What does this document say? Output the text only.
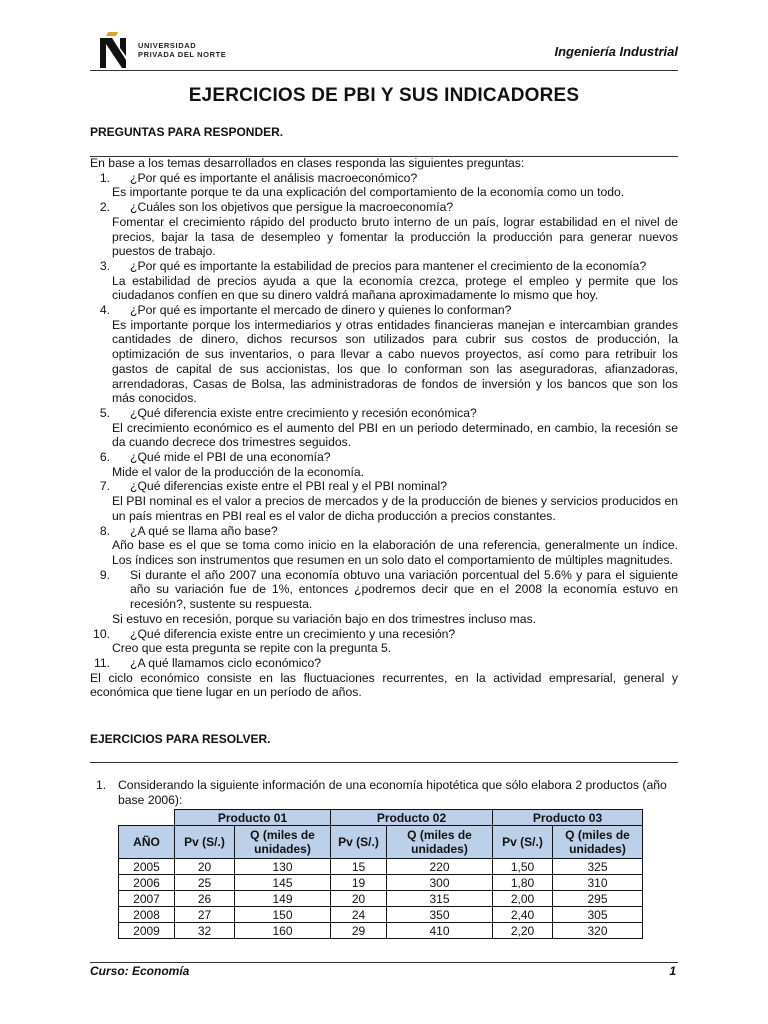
UNIVERSIDAD
PRIVADA DEL NORTE	Ingeniería Industrial
EJERCICIOS DE PBI Y SUS INDICADORES
PREGUNTAS PARA RESPONDER.

En base a los temas desarrollados en clases responda las siguientes preguntas:

1.	¿Por qué es importante el análisis macroeconómico?

Es importante porque te da una explicación del comportamiento de la economía como un todo.

2.	¿Cuáles son los objetivos que persigue la macroeconomía?

Fomentar el crecimiento rápido del producto bruto interno de un país, lograr estabilidad en el nivel de precios, bajar la tasa de desempleo y fomentar la producción la producción para generar nuevos puestos de trabajo.

3.	¿Por qué es importante la estabilidad de precios para mantener el crecimiento de la economía?

La estabilidad de precios ayuda a que la economía crezca, protege el empleo y permite que los ciudadanos confíen en que su dinero valdrá mañana aproximadamente lo mismo que hoy.

4.	¿Por qué es importante el mercado de dinero y quienes lo conforman?

Es importante porque los intermediarios y otras entidades financieras manejan e intercambian grandes cantidades de dinero, dichos recursos son utilizados para cubrir sus costos de producción, la optimización de sus inventarios, o para llevar a cabo nuevos proyectos, así como para retribuir los gastos de capital de sus accionistas, los que lo conforman son las aseguradoras, afianzadoras, arrendadoras, Casas de Bolsa, las administradoras de fondos de inversión y los bancos que son los más conocidos.

5.	¿Qué diferencia existe entre crecimiento y recesión económica?

El crecimiento económico es el aumento del PBI en un periodo determinado, en cambio, la recesión se da cuando decrece dos trimestres seguidos.

6.	¿Qué mide el PBI de una economía?

Mide el valor de la producción de la economía.

7.	¿Qué diferencias existe entre el PBI real y el PBI nominal?

El PBI nominal es el valor a precios de mercados y de la producción de bienes y servicios producidos en un país mientras en PBI real es el valor de dicha producción a precios constantes.

8.	¿A qué se llama año base?

Año base es el que se toma como inicio en la elaboración de una referencia, generalmente un índice. Los índices son instrumentos que resumen en un solo dato el comportamiento de múltiples magnitudes.

9.	Si durante el año 2007 una economía obtuvo una variación porcentual del 5.6% y para el siguiente año su variación fue de 1%, entonces ¿podremos decir que en el 2008 la economía estuvo en recesión?, sustente su respuesta.

Si estuvo en recesión, porque su variación bajo en dos trimestres incluso mas.

10.	¿Qué diferencia existe entre un crecimiento y una recesión?

Creo que esta pregunta se repite con la pregunta 5.

11.	¿A qué llamamos ciclo económico?

El ciclo económico consiste en las fluctuaciones recurrentes, en la actividad empresarial, general y económica que tiene lugar en un período de años.

EJERCICIOS PARA RESOLVER.
1. Considerando la siguiente información de una economía hipotética que sólo elabora 2 productos (año base 2006):
	Producto 01		Producto 02		Producto 03	
AÑO	Pv (S/.)	Q (miles de unidades)	Pv (S/.)	Q (miles de unidades)	Pv (S/.)	Q (miles de unidades)
2005	20	130	15	220	1,50	325
2006	25	145	19	300	1,80	310
2007	26	149	20	315	2,00	295
2008	27	150	24	350	2,40	305
2009	32	160	29	410	2,20	320
Curso: Economía	1
